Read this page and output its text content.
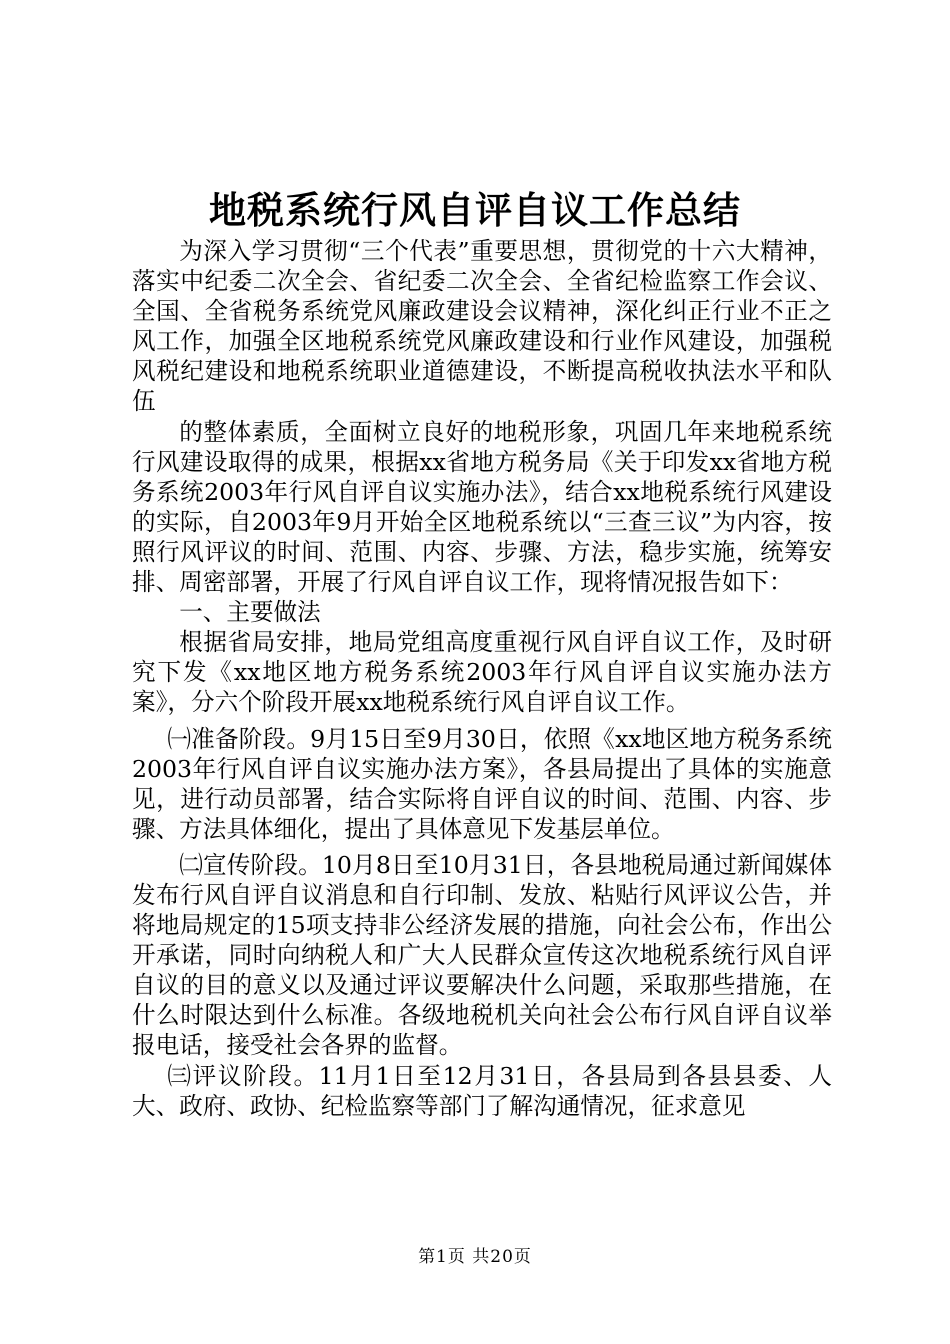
地税系统行风自评自议工作总结

为深入学习贯彻“三个代表”重要思想，贯彻党的十六大精神，落实中纪委二次全会、省纪委二次全会、全省纪检监察工作会议、全国、全省税务系统党风廉政建设会议精神，深化纠正行业不正之风工作，加强全区地税系统党风廉政建设和行业作风建设，加强税风税纪建设和地税系统职业道德建设，不断提高税收执法水平和队伍

的整体素质，全面树立良好的地税形象，巩固几年来地税系统行风建设取得的成果，根据xx省地方税务局《关于印发xx省地方税务系统2003年行风自评自议实施办法》，结合xx地税系统行风建设的实际，自2003年9月开始全区地税系统以“三查三议”为内容，按照行风评议的时间、范围、内容、步骤、方法，稳步实施，统筹安排、周密部署，开展了行风自评自议工作，现将情况报告如下：

一、主要做法

根据省局安排，地局党组高度重视行风自评自议工作，及时研究下发《xx地区地方税务系统2003年行风自评自议实施办法方案》，分六个阶段开展xx地税系统行风自评自议工作。

㈠准备阶段。9月15日至9月30日，依照《xx地区地方税务系统2003年行风自评自议实施办法方案》，各县局提出了具体的实施意见，进行动员部署，结合实际将自评自议的时间、范围、内容、步骤、方法具体细化，提出了具体意见下发基层单位。

㈡宣传阶段。10月8日至10月31日，各县地税局通过新闻媒体发布行风自评自议消息和自行印制、发放、粘贴行风评议公告，并将地局规定的15项支持非公经济发展的措施，向社会公布，作出公开承诺，同时向纳税人和广大人民群众宣传这次地税系统行风自评自议的目的意义以及通过评议要解决什么问题，采取那些措施，在什么时限达到什么标准。各级地税机关向社会公布行风自评自议举报电话，接受社会各界的监督。

㈢评议阶段。11月1日至12月31日，各县局到各县县委、人大、政府、政协、纪检监察等部门了解沟通情况，征求意见

第1页 共20页
